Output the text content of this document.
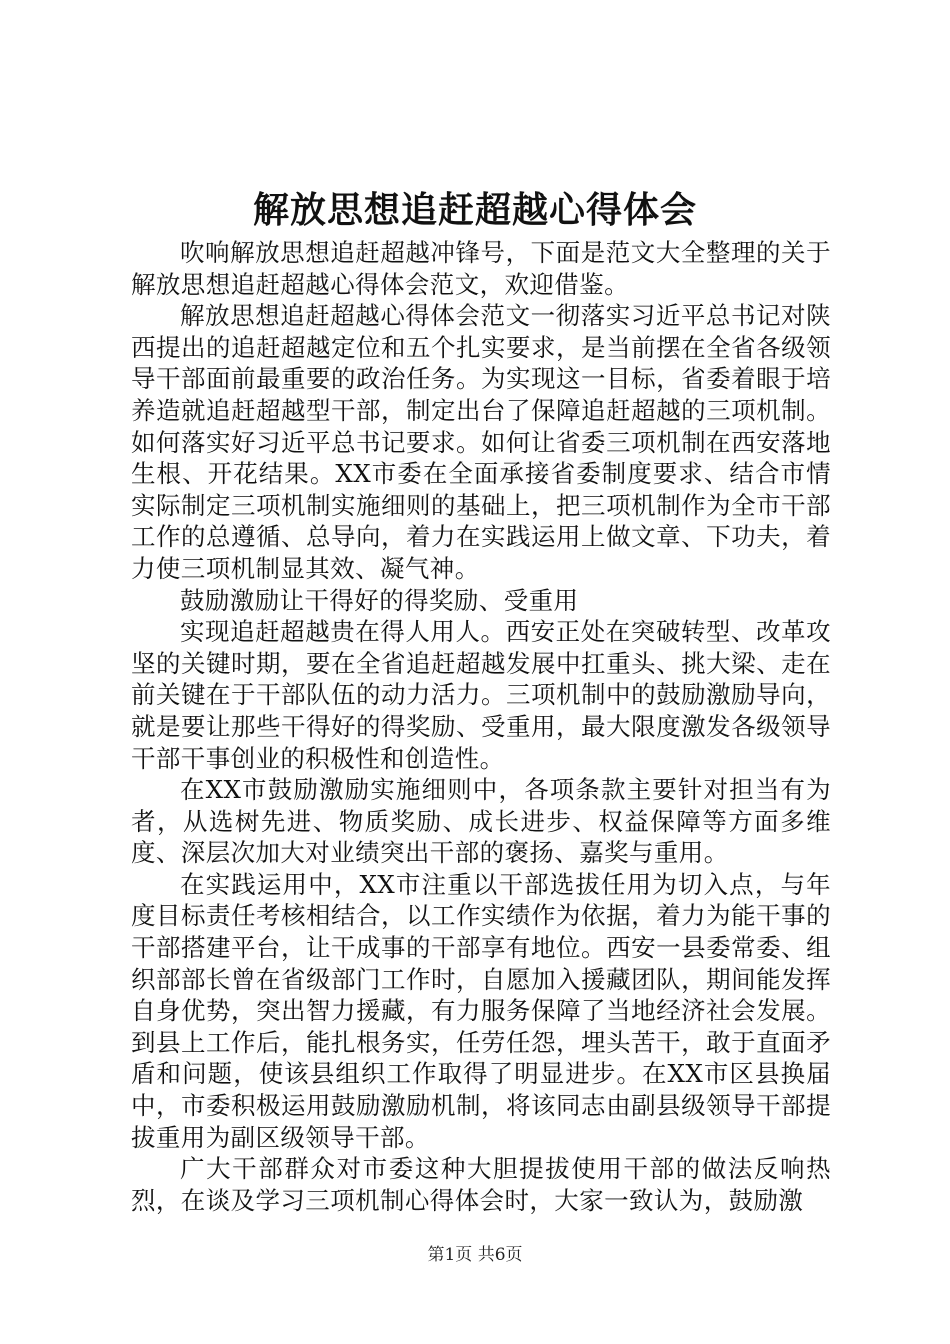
解放思想追赶超越心得体会

吹响解放思想追赶超越冲锋号，下面是范文大全整理的关于解放思想追赶超越心得体会范文，欢迎借鉴。

解放思想追赶超越心得体会范文一彻落实习近平总书记对陕西提出的追赶超越定位和五个扎实要求，是当前摆在全省各级领导干部面前最重要的政治任务。为实现这一目标，省委着眼于培养造就追赶超越型干部，制定出台了保障追赶超越的三项机制。如何落实好习近平总书记要求。如何让省委三项机制在西安落地生根、开花结果。XX市委在全面承接省委制度要求、结合市情实际制定三项机制实施细则的基础上，把三项机制作为全市干部工作的总遵循、总导向，着力在实践运用上做文章、下功夫，着力使三项机制显其效、凝气神。

鼓励激励让干得好的得奖励、受重用

实现追赶超越贵在得人用人。西安正处在突破转型、改革攻坚的关键时期，要在全省追赶超越发展中扛重头、挑大梁、走在前关键在于干部队伍的动力活力。三项机制中的鼓励激励导向，就是要让那些干得好的得奖励、受重用，最大限度激发各级领导干部干事创业的积极性和创造性。

在XX市鼓励激励实施细则中，各项条款主要针对担当有为者，从选树先进、物质奖励、成长进步、权益保障等方面多维度、深层次加大对业绩突出干部的褒扬、嘉奖与重用。

在实践运用中，XX市注重以干部选拔任用为切入点，与年度目标责任考核相结合，以工作实绩作为依据，着力为能干事的干部搭建平台，让干成事的干部享有地位。西安一县委常委、组织部部长曾在省级部门工作时，自愿加入援藏团队，期间能发挥自身优势，突出智力援藏，有力服务保障了当地经济社会发展。到县上工作后，能扎根务实，任劳任怨，埋头苦干，敢于直面矛盾和问题，使该县组织工作取得了明显进步。在XX市区县换届中，市委积极运用鼓励激励机制，将该同志由副县级领导干部提拔重用为副区级领导干部。

广大干部群众对市委这种大胆提拔使用干部的做法反响热烈，在谈及学习三项机制心得体会时，大家一致认为，鼓励激

第1页 共6页
